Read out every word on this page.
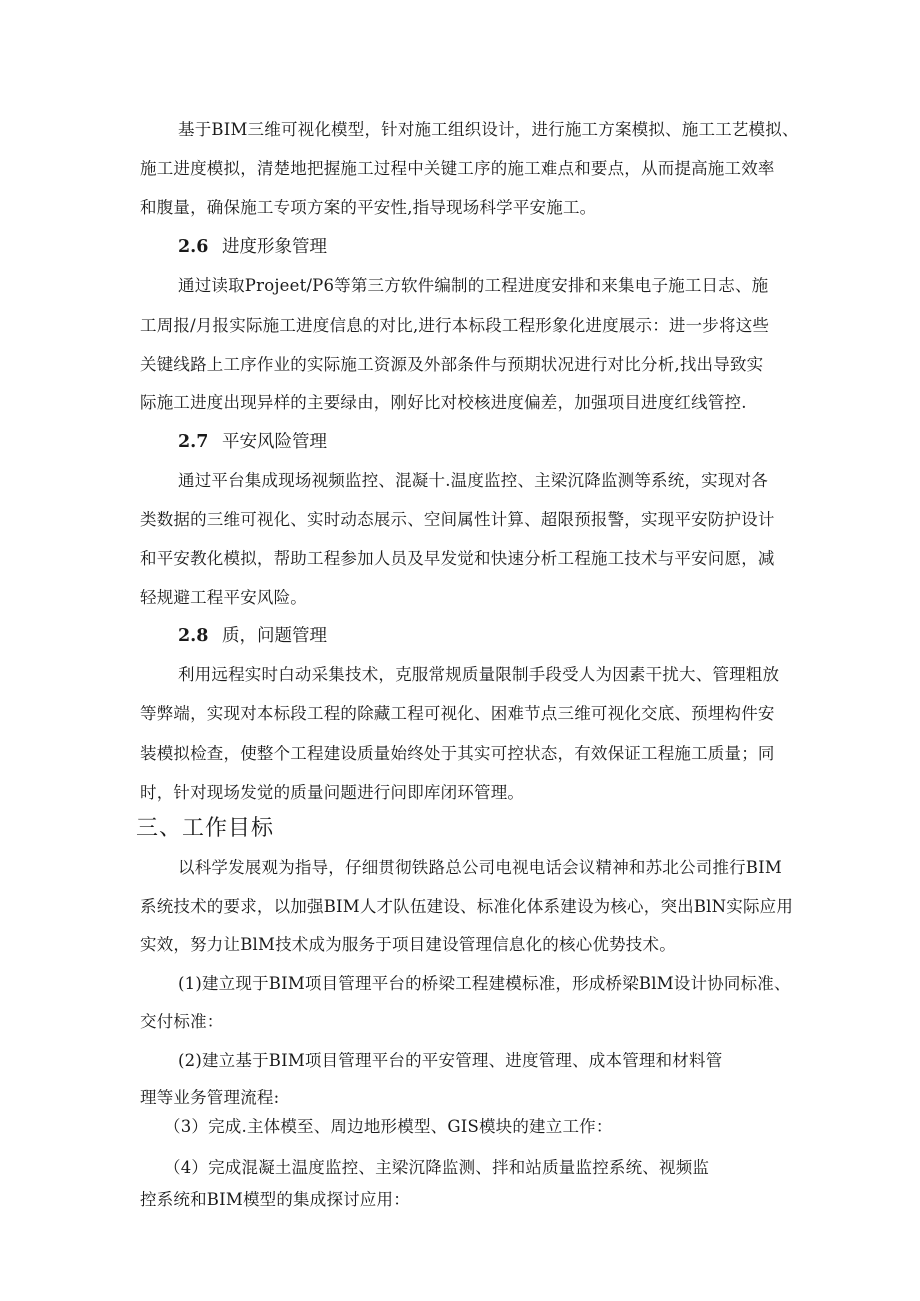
基于BIM三维可视化模型，针对施工组织设计，进行施工方案模拟、施工工艺模拟、

施工进度模拟，清楚地把握施工过程中关键工序的施工难点和要点，从而提高施工效率

和腹量，确保施工专项方案的平安性,指导现场科学平安施工。

2.6 进度形象管理

通过读取Projeet/P6等第三方软件编制的工程进度安排和来集电子施工日志、施

工周报/月报实际施工进度信息的对比,进行本标段工程形象化进度展示：进一步将这些

关键线路上工序作业的实际施工资源及外部条件与预期状况进行对比分析,找出导致实

际施工进度出现异样的主要绿由，刚好比对校核进度偏差，加强项目进度红线管控.

2.7 平安风险管理

通过平台集成现场视频监控、混凝十.温度监控、主梁沉降监测等系统，实现对各

类数据的三维可视化、实时动态展示、空间属性计算、超限预报警，实现平安防护设计

和平安教化模拟，帮助工程参加人员及早发觉和快速分析工程施工技术与平安问愿，减

轻规避工程平安风险。

2.8 质，问题管理

利用远程实时白动采集技术，克服常规质量限制手段受人为因素干扰大、管理粗放

等弊端，实现对本标段工程的除藏工程可视化、困难节点三维可视化交底、预埋构件安

装模拟检查，使整个工程建设质量始终处于其实可控状态，有效保证工程施工质量；同

时，针对现场发觉的质量问题进行问即库闭环管理。

三、工作目标

以科学发展观为指导，仔细贯彻铁路总公司电视电话会议精神和苏北公司推行BIM

系统技术的要求，以加强BIM人才队伍建设、标准化体系建设为核心，突出BlN实际应用

实效，努力让BlM技术成为服务于项目建设管理信息化的核心优势技术。

(1)建立现于BIM项目管理平台的桥梁工程建模标准，形成桥梁BlM设计协同标准、

交付标准：

(2)建立基于BIM项目管理平台的平安管理、进度管理、成本管理和材料管

理等业务管理流程:

（3）完成.主体模至、周边地形模型、GIS模块的建立工作：

（4）完成混凝土温度监控、主梁沉降监测、拌和站质量监控系统、视频监

控系统和BIM模型的集成探讨应用：
